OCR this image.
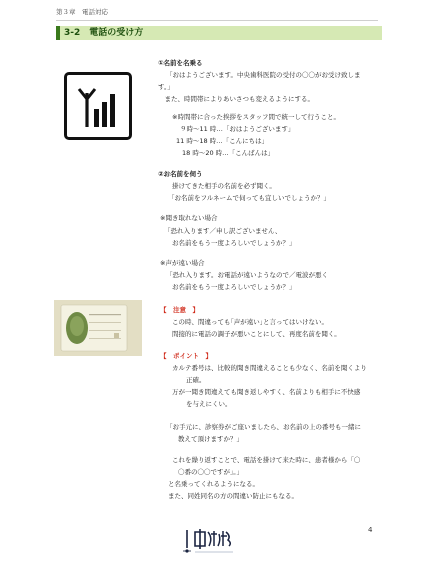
第３章　電話対応
3-2　電話の受け方
①名前を名乗る
「おはようございます。中央歯科医院の受付の〇〇がお受け致しま
す。」
　また、時間帯によりあいさつも変えるようにする。
※時間帯に合った挨拶をスタッフ間で統一して行うこと。
９時～11 時…「おはようございます」
11 時～18 時…「こんにちは」
18 時～20 時…「こんばんは」
②お名前を伺う
掛けてきた相手の名前を必ず聞く。
「お名前をフルネームで伺っても宜しいでしょうか？」
※聞き取れない場合
「恐れ入ります／申し訳ございません、
お名前をもう一度よろしいでしょうか？」
※声が遠い場合
「恐れ入ります。お電話が遠いようなので／電波が悪く
お名前をもう一度よろしいでしょうか？」
【　注意　】
この時、間違っても｢声が遠い｣と言ってはいけない。
間接的に電話の調子が悪いことにして、再度名前を聞く。
【　ポイント　】
カルテ番号は、比較的聞き間違えることも少なく、名前を聞くより
正確。
万が一聞き間違えても聞き返しやすく、名前よりも相手に不快感
を与えにくい。
「お手元に、診察券がご座いましたら、お名前の上の番号も一緒に
教えて頂けますか？」
これを繰り返すことで、電話を掛けて来た時に、患者様から「〇
〇番の〇〇ですが」。」
と名乗ってくれるようになる。
また、同姓同名の方の間違い防止にもなる。
4
